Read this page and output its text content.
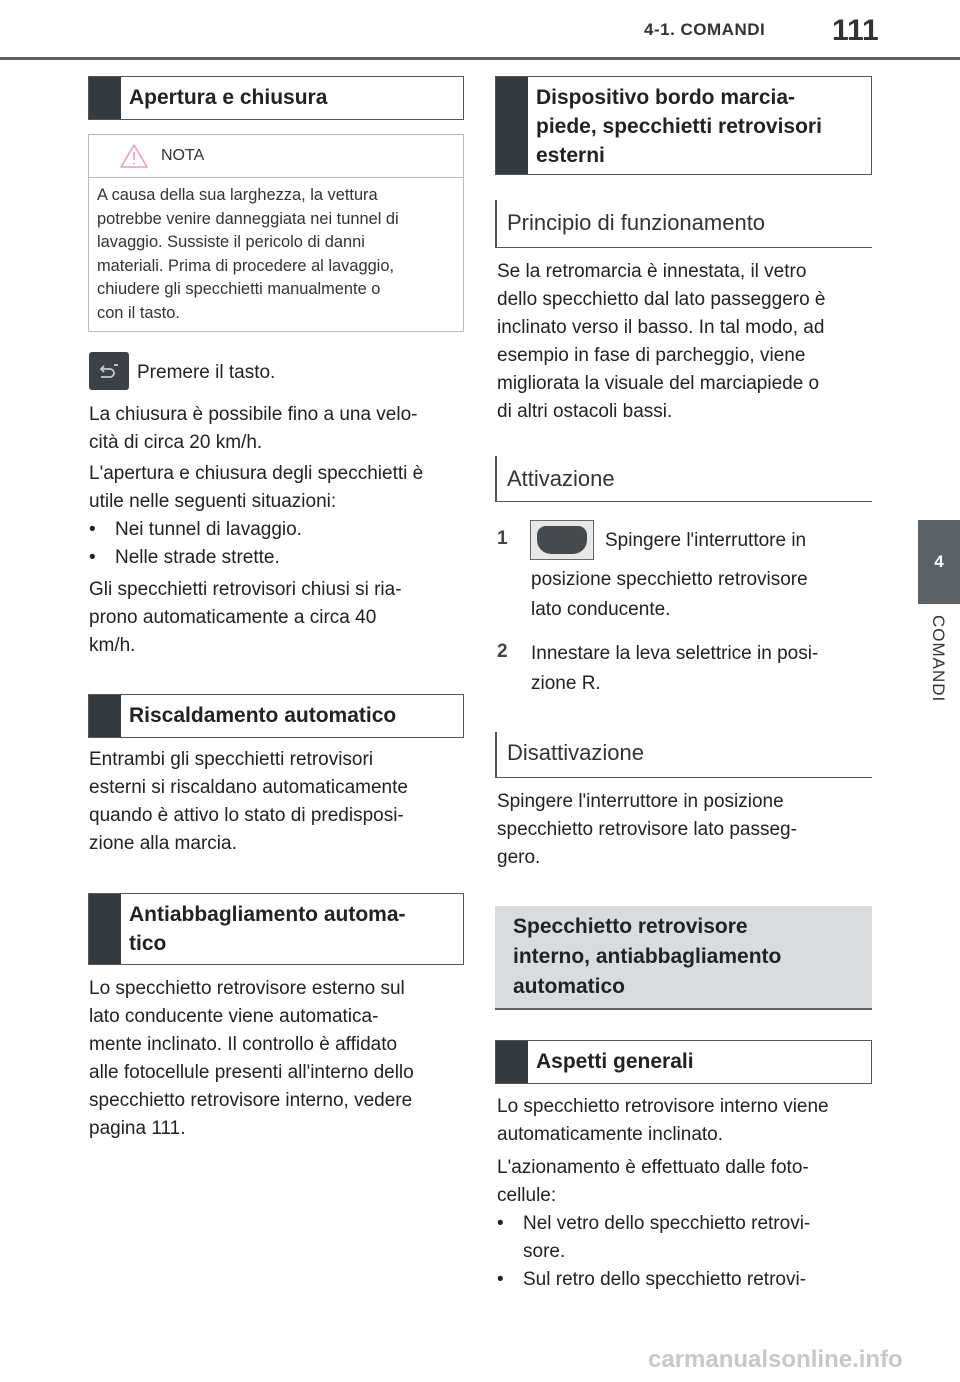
4-1. COMANDI 111
4
COMANDI
Apertura e chiusura
NOTA
A causa della sua larghezza, la vettura
potrebbe venire danneggiata nei tunnel di
lavaggio. Sussiste il pericolo di danni
materiali. Prima di procedere al lavaggio,
chiudere gli specchietti manualmente o
con il tasto.
Premere il tasto.
La chiusura è possibile fino a una velo-
cità di circa 20 km/h.
L'apertura e chiusura degli specchietti è
utile nelle seguenti situazioni:
• Nei tunnel di lavaggio.
• Nelle strade strette.
Gli specchietti retrovisori chiusi si ria-
prono automaticamente a circa 40
km/h.
Riscaldamento automatico
Entrambi gli specchietti retrovisori
esterni si riscaldano automaticamente
quando è attivo lo stato di predisposi-
zione alla marcia.
Antiabbagliamento automa-
tico
Lo specchietto retrovisore esterno sul
lato conducente viene automatica-
mente inclinato. Il controllo è affidato
alle fotocellule presenti all'interno dello
specchietto retrovisore interno, vedere
pagina 111.
Dispositivo bordo marcia-
piede, specchietti retrovisori
esterni
Principio di funzionamento
Se la retromarcia è innestata, il vetro
dello specchietto dal lato passeggero è
inclinato verso il basso. In tal modo, ad
esempio in fase di parcheggio, viene
migliorata la visuale del marciapiede o
di altri ostacoli bassi.
Attivazione
1	Spingere l'interruttore in
posizione specchietto retrovisore
lato conducente.
2 Innestare la leva selettrice in posi-
zione R.
Disattivazione
Spingere l'interruttore in posizione
specchietto retrovisore lato passeg-
gero.
Specchietto retrovisore
interno, antiabbagliamento
automatico
Aspetti generali
Lo specchietto retrovisore interno viene
automaticamente inclinato.
L'azionamento è effettuato dalle foto-
cellule:
• Nel vetro dello specchietto retrovi-
sore.
• Sul retro dello specchietto retrovi-
carmanualsonline.info
